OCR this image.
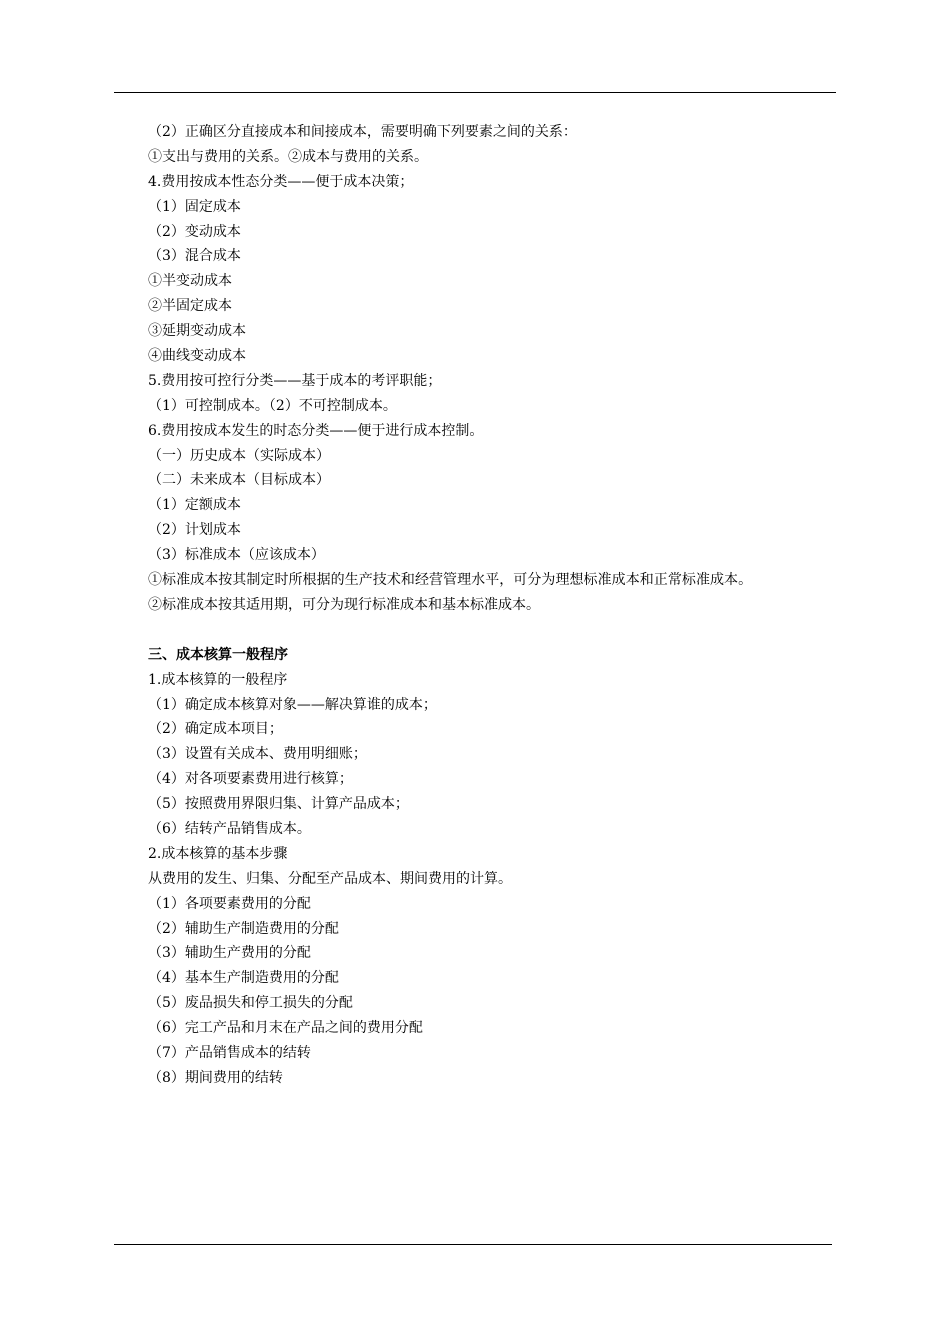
（2）正确区分直接成本和间接成本，需要明确下列要素之间的关系：
①支出与费用的关系。②成本与费用的关系。
4.费用按成本性态分类——便于成本决策；
（1）固定成本
（2）变动成本
（3）混合成本
①半变动成本
②半固定成本
③延期变动成本
④曲线变动成本
5.费用按可控行分类——基于成本的考评职能；
（1）可控制成本。（2）不可控制成本。
6.费用按成本发生的时态分类——便于进行成本控制。
（一）历史成本（实际成本）
（二）未来成本（目标成本）
（1）定额成本
（2）计划成本
（3）标准成本（应该成本）
①标准成本按其制定时所根据的生产技术和经营管理水平，可分为理想标准成本和正常标准成本。
②标准成本按其适用期，可分为现行标准成本和基本标准成本。
三、成本核算一般程序
1.成本核算的一般程序
（1）确定成本核算对象——解决算谁的成本；
（2）确定成本项目；
（3）设置有关成本、费用明细账；
（4）对各项要素费用进行核算；
（5）按照费用界限归集、计算产品成本；
（6）结转产品销售成本。
2.成本核算的基本步骤
从费用的发生、归集、分配至产品成本、期间费用的计算。
（1）各项要素费用的分配
（2）辅助生产制造费用的分配
（3）辅助生产费用的分配
（4）基本生产制造费用的分配
（5）废品损失和停工损失的分配
（6）完工产品和月末在产品之间的费用分配
（7）产品销售成本的结转
（8）期间费用的结转
